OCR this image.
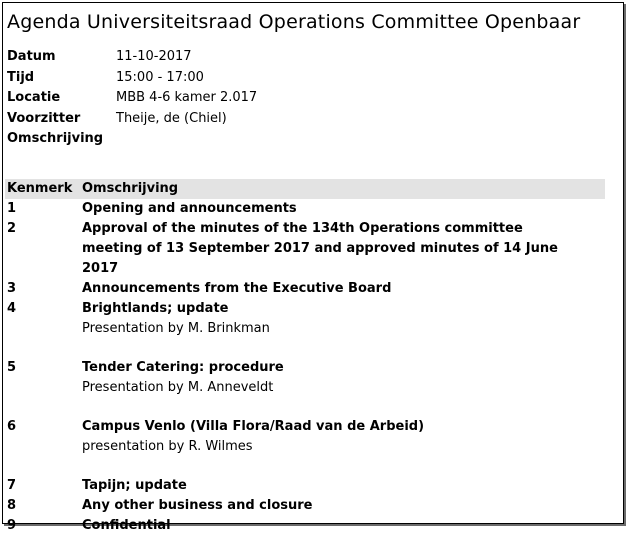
Agenda Universiteitsraad Operations Committee Openbaar
Datum	11-10-2017
Tijd	15:00 - 17:00
Locatie	MBB 4-6 kamer 2.017
Voorzitter	Theije, de (Chiel)
Omschrijving
Kenmerk Omschrijving
1	Opening and announcements
2	Approval of the minutes of the 134th Operations committee meeting of 13 September 2017 and approved minutes of 14 June 2017
3	Announcements from the Executive Board
4	Brightlands; update
Presentation by M. Brinkman
5	Tender Catering: procedure
Presentation by M. Anneveldt
6	Campus Venlo (Villa Flora/Raad van de Arbeid)
presentation by R. Wilmes
7	Tapijn; update
8	Any other business and closure
9	Confidential
